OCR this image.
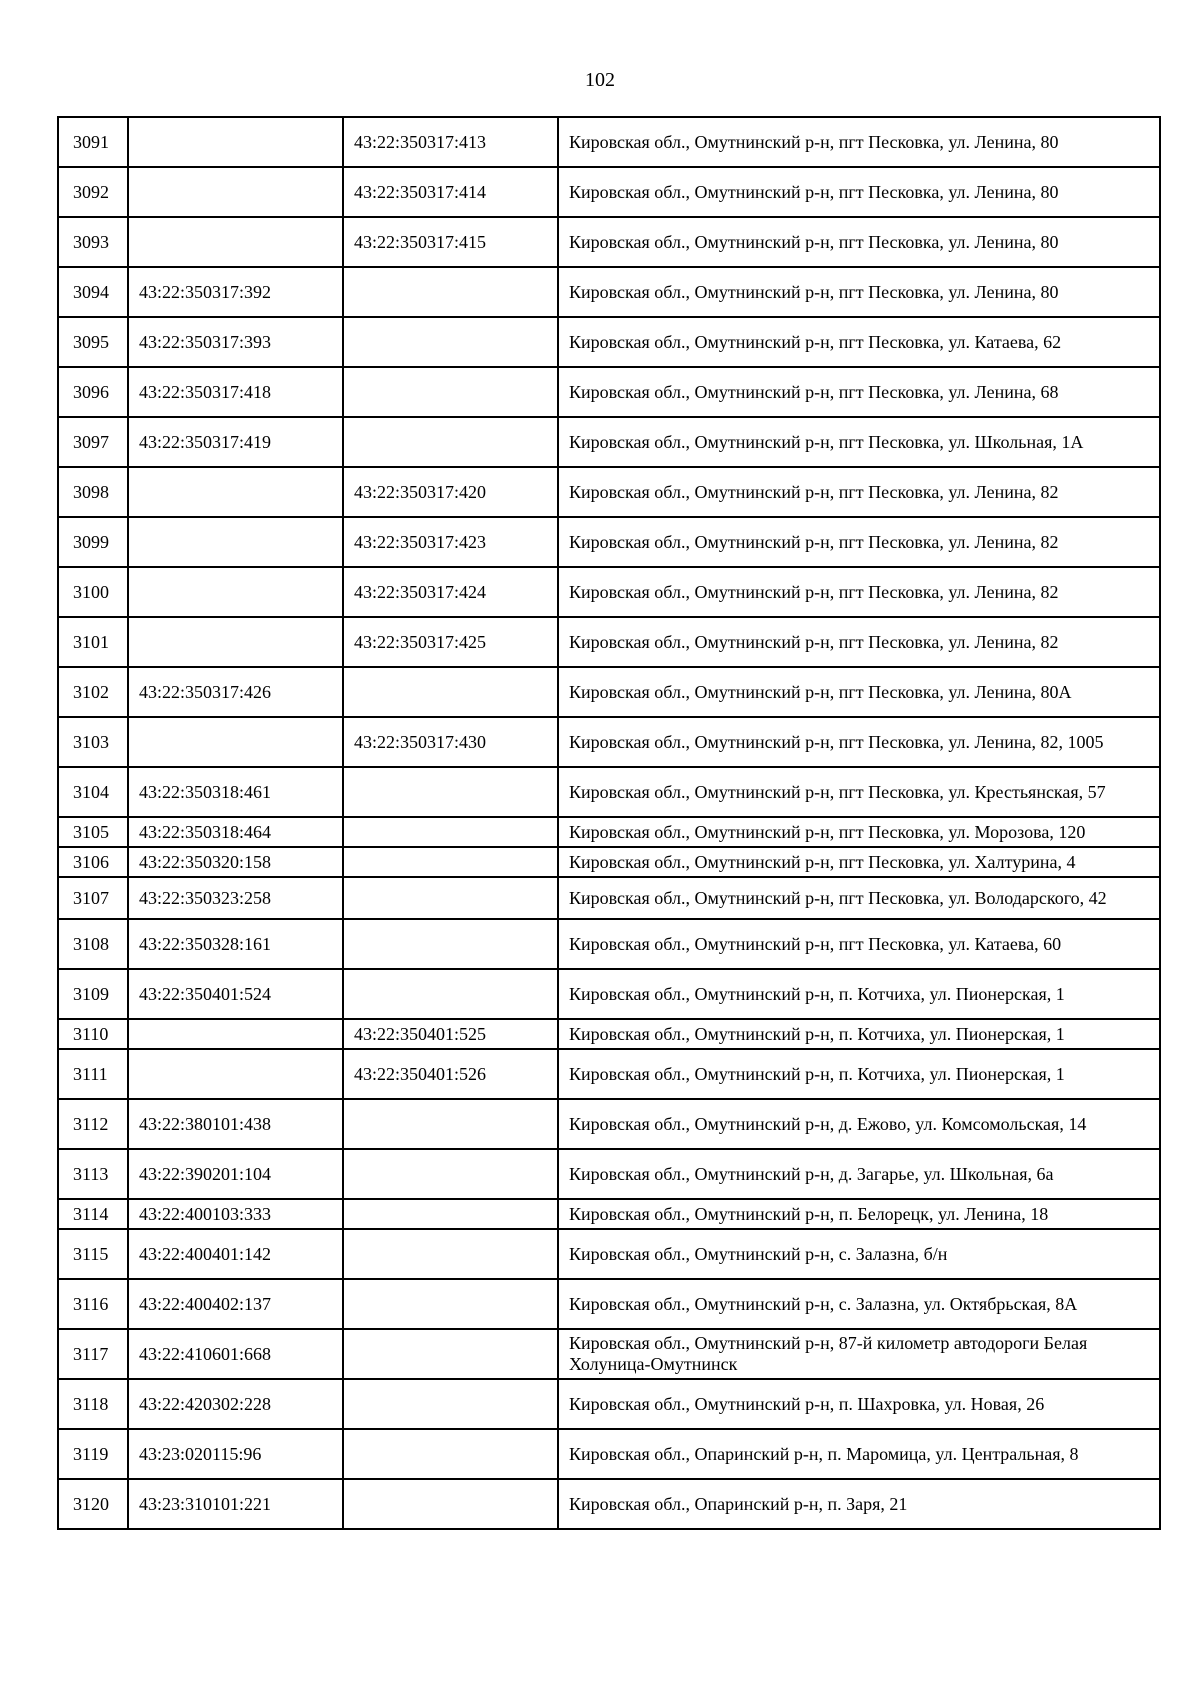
102
3091		43:22:350317:413	Кировская обл., Омутнинский р-н, пгт Песковка, ул. Ленина, 80
3092		43:22:350317:414	Кировская обл., Омутнинский р-н, пгт Песковка, ул. Ленина, 80
3093		43:22:350317:415	Кировская обл., Омутнинский р-н, пгт Песковка, ул. Ленина, 80
3094	43:22:350317:392		Кировская обл., Омутнинский р-н, пгт Песковка, ул. Ленина, 80
3095	43:22:350317:393		Кировская обл., Омутнинский р-н, пгт Песковка, ул. Катаева, 62
3096	43:22:350317:418		Кировская обл., Омутнинский р-н, пгт Песковка, ул. Ленина, 68
3097	43:22:350317:419		Кировская обл., Омутнинский р-н, пгт Песковка, ул. Школьная, 1А
3098		43:22:350317:420	Кировская обл., Омутнинский р-н, пгт Песковка, ул. Ленина, 82
3099		43:22:350317:423	Кировская обл., Омутнинский р-н, пгт Песковка, ул. Ленина, 82
3100		43:22:350317:424	Кировская обл., Омутнинский р-н, пгт Песковка, ул. Ленина, 82
3101		43:22:350317:425	Кировская обл., Омутнинский р-н, пгт Песковка, ул. Ленина, 82
3102	43:22:350317:426		Кировская обл., Омутнинский р-н, пгт Песковка, ул. Ленина, 80А
3103		43:22:350317:430	Кировская обл., Омутнинский р-н, пгт Песковка, ул. Ленина, 82, 1005
3104	43:22:350318:461		Кировская обл., Омутнинский р-н, пгт Песковка, ул. Крестьянская, 57
3105	43:22:350318:464		Кировская обл., Омутнинский р-н, пгт Песковка, ул. Морозова, 120
3106	43:22:350320:158		Кировская обл., Омутнинский р-н, пгт Песковка, ул. Халтурина, 4
3107	43:22:350323:258		Кировская обл., Омутнинский р-н, пгт Песковка, ул. Володарского, 42
3108	43:22:350328:161		Кировская обл., Омутнинский р-н, пгт Песковка, ул. Катаева, 60
3109	43:22:350401:524		Кировская обл., Омутнинский р-н, п. Котчиха, ул. Пионерская, 1
3110		43:22:350401:525	Кировская обл., Омутнинский р-н, п. Котчиха, ул. Пионерская, 1
3111		43:22:350401:526	Кировская обл., Омутнинский р-н, п. Котчиха, ул. Пионерская, 1
3112	43:22:380101:438		Кировская обл., Омутнинский р-н, д. Ежово, ул. Комсомольская, 14
3113	43:22:390201:104		Кировская обл., Омутнинский р-н, д. Загарье, ул. Школьная, 6а
3114	43:22:400103:333		Кировская обл., Омутнинский р-н, п. Белорецк, ул. Ленина, 18
3115	43:22:400401:142		Кировская обл., Омутнинский р-н, с. Залазна, б/н
3116	43:22:400402:137		Кировская обл., Омутнинский р-н, с. Залазна, ул. Октябрьская, 8А
3117	43:22:410601:668		Кировская обл., Омутнинский р-н, 87-й километр автодороги Белая Холуница-Омутнинск
3118	43:22:420302:228		Кировская обл., Омутнинский р-н, п. Шахровка, ул. Новая, 26
3119	43:23:020115:96		Кировская обл., Опаринский р-н, п. Маромица, ул. Центральная, 8
3120	43:23:310101:221		Кировская обл., Опаринский р-н, п. Заря, 21
